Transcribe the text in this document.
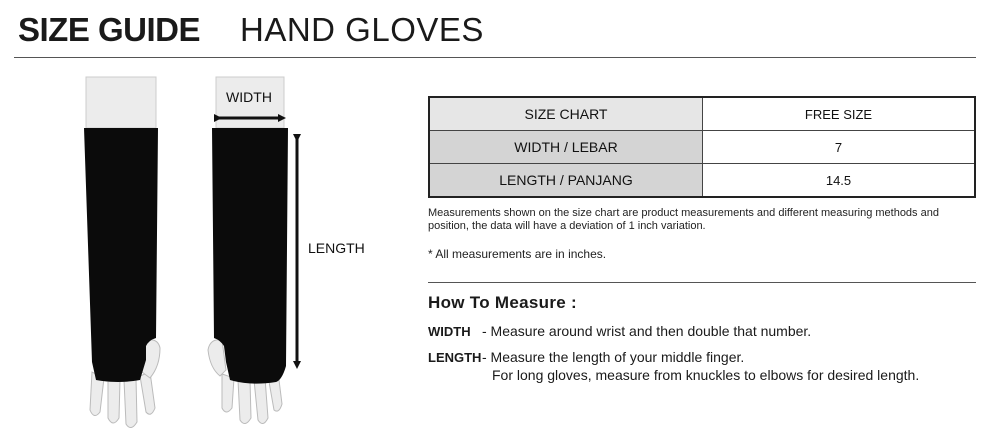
SIZE GUIDE HAND GLOVES
WIDTH
LENGTH
SIZE CHART	FREE SIZE
WIDTH / LEBAR	7
LENGTH / PANJANG	14.5
Measurements shown on the size chart are product measurements and different measuring methods and position, the data will have a deviation of 1 inch variation.
* All measurements are in inches.
How To Measure :
WIDTH - Measure around wrist and then double that number.
LENGTH - Measure the length of your middle finger.
For long gloves, measure from knuckles to elbows for desired length.
